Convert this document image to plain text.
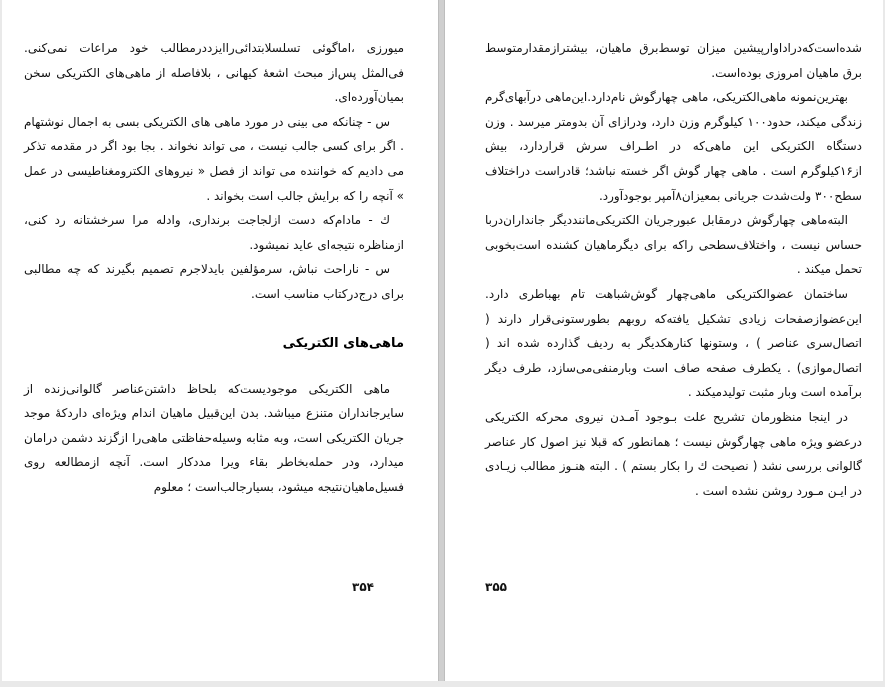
میورزی ،اماگوئی تسلسلابتدائی‌راایزددرمطالب خود مراعات نمی‌کنی. فی‌المثل پس‌از مبحث اشعهٔ کیهانی ، بلافاصله از ماهی‌های الکتریکی سخن بمیان‌آورده‌ای.

س - چنانکه می بینی در مورد ماهی های الکتریکی بسی به اجمال نوشتهام . اگر برای کسی جالب نیست ، می تواند نخواند . بجا بود اگر در مقدمه تذکر می دادیم که خواننده می تواند از فصل « نیروهای الکترومغناطیسی در عمل » آنچه را که برایش جالب است بخواند .

ك - مادام‌که دست ازلجاجت برنداری، وادله مرا سرخشتانه رد کنی، ازمناظره نتیجه‌ای عاید نمیشود.

س - ناراحت نباش، سرمؤلفین بایدلاجرم تصمیم بگیرند که چه مطالبی برای درج‌درکتاب مناسب است.

ماهی‌های الکتریکی

ماهی الکتریکی موجودیست‌که بلحاظ داشتن‌عناصر گالوانی‌زنده از سایرجانداران متنزع میباشد. بدن این‌قبیل ماهیان اندام ویژه‌ای دارد‌که‌ٔ موجد جریان الکتریکی است، وبه مثابه وسیله‌حفاظتی ماهی‌را ازگزند دشمن درامان میدارد، ودر حمله‌بخاطر بقاء ویرا مددکار است. آنچه ازمطالعه روی فسیل‌ماهیان‌نتیجه میشود، بسیارجالب‌است ؛ معلوم

۳۵۴

شده‌است‌که‌دراداوار‌پیشین میزان توسط‌برق ماهیان، بیشتر‌ازمقدارمتوسط برق ماهیان امروزی بوده‌است.

بهترین‌نمونه ماهی‌الکتریکی، ماهی چهارگوش نام‌دارد.این‌ماهی درآبهای‌گرم زندگی میکند، حدود۱۰۰ کیلوگرم وزن دارد، ودرازای آن بدومتر میرسد . وزن دستگاه الکتریکی این ماهی‌که در اطـراف سرش قراردارد، بیش از۱۶کیلوگرم است . ماهی چهار گوش اگر خسته نباشد؛ قادراست دراختلاف سطح۳۰۰ ولت‌شدت جریانی بمعیزان۸آمپر بوجودآورد.

البته‌ماهی چهارگوش درمقابل عبورجریان الکتریکی‌ماننددیگر جانداران‌دربا حساس نیست ، واختلاف‌سطحی راکه برای دیگرماهیان کشنده است‌بخوبی تحمل میکند .

ساختمان عضوالکتریکی ماهی‌چهار گوش‌شباهت تام بهباطری دارد. این‌عضوازصفحات زیادی تشکیل یافته‌که روبهم بطورستونی‌قرار دارند ( اتصال‌سری عناصر ) ، وستونها کنارهکدیگر به ردیف گذارده شده اند ( اتصال‌موازی) . یکطرف صفحه صاف است وبارمنفی‌می‌سازد، طرف دیگر برآمده است وبار مثبت تولیدمیکند .

در اینجا منظورمان تشریح علت بـوجود آمـدن نیروی محرکه الکتریکی درعضو ویژه ماهی چهارگوش نیست ؛ هما‌نطور که قبلا نیز اصول کار عناصر گالوانی بررسی نشد ( نصیحت ك را بکار بستم ) . البته هنـوز مطالب زیـادی در ایـن مـورد روشن نشده است .

۳۵۵
